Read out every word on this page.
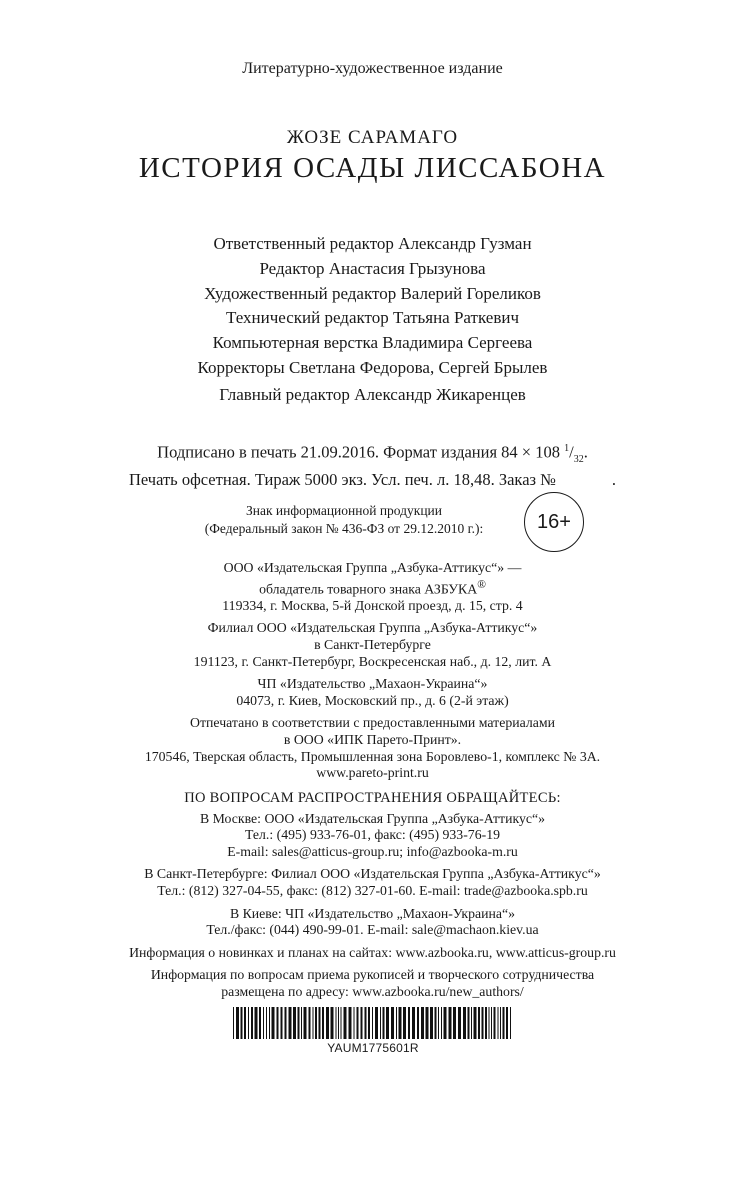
Литературно-художественное издание
ЖОЗЕ САРАМАГО
ИСТОРИЯ ОСАДЫ ЛИССАБОНА
Ответственный редактор Александр Гузман
Редактор Анастасия Грызунова
Художественный редактор Валерий Гореликов
Технический редактор Татьяна Раткевич
Компьютерная верстка Владимира Сергеева
Корректоры Светлана Федорова, Сергей Брылев
Главный редактор Александр Жикаренцев
Подписано в печать 21.09.2016. Формат издания 84 × 108 $^1/_{32}$.
Печать офсетная. Тираж 5000 экз. Усл. печ. л. 18,48. Заказ №	.
Знак информационной продукции
(Федеральный закон № 436-ФЗ от 29.12.2010 г.):	16+
ООО «Издательская Группа „Азбука-Аттикус“» —
обладатель товарного знака АЗБУКА®
119334, г. Москва, 5-й Донской проезд, д. 15, стр. 4
Филиал ООО «Издательская Группа „Азбука-Аттикус“»
в Санкт-Петербурге
191123, г. Санкт-Петербург, Воскресенская наб., д. 12, лит. А
ЧП «Издательство „Махаон-Украина“»
04073, г. Киев, Московский пр., д. 6 (2-й этаж)
Отпечатано в соответствии с предоставленными материалами
в ООО «ИПК Парето-Принт».
170546, Тверская область, Промышленная зона Боровлево-1, комплекс № 3А.
www.pareto-print.ru
ПО ВОПРОСАМ РАСПРОСТРАНЕНИЯ ОБРАЩАЙТЕСЬ:
В Москве: ООО «Издательская Группа „Азбука-Аттикус“»
Тел.: (495) 933-76-01, факс: (495) 933-76-19
E-mail: sales@atticus-group.ru; info@azbooka-m.ru
В Санкт-Петербурге: Филиал ООО «Издательская Группа „Азбука-Аттикус“»
Тел.: (812) 327-04-55, факс: (812) 327-01-60. E-mail: trade@azbooka.spb.ru
В Киеве: ЧП «Издательство „Махаон-Украина“»
Тел./факс: (044) 490-99-01. E-mail: sale@machaon.kiev.ua
Информация о новинках и планах на сайтах: www.azbooka.ru, www.atticus-group.ru
Информация по вопросам приема рукописей и творческого сотрудничества
размещена по адресу: www.azbooka.ru/new_authors/
YAUM1775601R
